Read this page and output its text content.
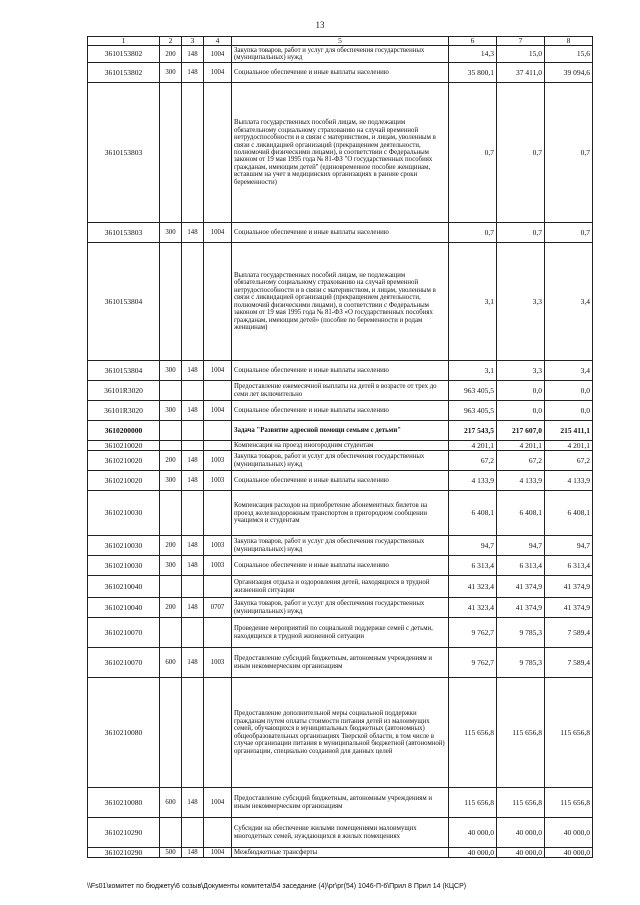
13
1	2	3	4	5	6	7	8
3610153802	200	148	1004	Закупка товаров, работ и услуг для обеспечения государственных (муниципальных) нужд	14,3	15,0	15,6
3610153802	300	148	1004	Социальное обеспечение и иные выплаты населению	35 800,1	37 411,0	39 094,6
3610153803				Выплата государственных пособий лицам, не подлежащим обязательному социальному страхованию на случай временной нетрудоспособности и в связи с материнством, и лицам, уволенным в связи с ликвидацией организаций (прекращением деятельности, полномочий физическими лицами), в соответствии с Федеральным законом от 19 мая 1995 года № 81-ФЗ "О государственных пособиях гражданам, имеющим детей" (единовременное пособие женщинам, вставшим на учет в медицинских организациях в ранние сроки беременности)	0,7	0,7	0,7
3610153803	300	148	1004	Социальное обеспечение и иные выплаты населению	0,7	0,7	0,7
3610153804				Выплата государственных пособий лицам, не подлежащим обязательному социальному страхованию на случай временной нетрудоспособности и в связи с материнством, и лицам, уволенным в связи с ликвидацией организаций (прекращением деятельности, полномочий физическими лицами), в соответствии с Федеральным законом от 19 мая 1995 года № 81-ФЗ «О государственных пособиях гражданам, имеющим детей» (пособие по беременности и родам женщинам)	3,1	3,3	3,4
3610153804	300	148	1004	Социальное обеспечение и иные выплаты населению	3,1	3,3	3,4
36101R3020				Предоставление ежемесячной выплаты на детей в возрасте от трех до семи лет включительно	963 405,5	0,0	0,0
36101R3020	300	148	1004	Социальное обеспечение и иные выплаты населению	963 405,5	0,0	0,0
3610200000				Задача "Развитие адресной помощи семьям с детьми"	217 543,5	217 607,0	215 411,1
3610210020				Компенсация на проезд иногородним студентам	4 201,1	4 201,1	4 201,1
3610210020	200	148	1003	Закупка товаров, работ и услуг для обеспечения государственных (муниципальных) нужд	67,2	67,2	67,2
3610210020	300	148	1003	Социальное обеспечение и иные выплаты населению	4 133,9	4 133,9	4 133,9
3610210030				Компенсация расходов на приобретение абонементных билетов на проезд железнодорожным транспортом в пригородном сообщении учащимся и студентам	6 408,1	6 408,1	6 408,1
3610210030	200	148	1003	Закупка товаров, работ и услуг для обеспечения государственных (муниципальных) нужд	94,7	94,7	94,7
3610210030	300	148	1003	Социальное обеспечение и иные выплаты населению	6 313,4	6 313,4	6 313,4
3610210040				Организация отдыха и оздоровления детей, находящихся в трудной жизненной ситуации	41 323,4	41 374,9	41 374,9
3610210040	200	148	0707	Закупка товаров, работ и услуг для обеспечения государственных (муниципальных) нужд	41 323,4	41 374,9	41 374,9
3610210070				Проведение мероприятий по социальной поддержке семей с детьми, находящихся в трудной жизненной ситуации	9 762,7	9 785,3	7 589,4
3610210070	600	148	1003	Предоставление субсидий бюджетным, автономным учреждениям и иным некоммерческим организациям	9 762,7	9 785,3	7 589,4
3610210080				Предоставление дополнительной меры социальной поддержки гражданам путем оплаты стоимости питания детей из малоимущих семей, обучающихся в муниципальных бюджетных (автономных) общеобразовательных организациях Тверской области, в том числе в случае организации питания в муниципальной бюджетной (автономной) организации, специально созданной для данных целей	115 656,8	115 656,8	115 656,8
3610210080	600	148	1004	Предоставление субсидий бюджетным, автономным учреждениям и иным некоммерческим организациям	115 656,8	115 656,8	115 656,8
3610210290				Субсидии на обеспечение жилыми помещениями малоимущих многодетных семей, нуждающихся в жилых помещениях	40 000,0	40 000,0	40 000,0
3610210290	500	148	1004	Межбюджетные трансферты	40 000,0	40 000,0	40 000,0
\\Fs01\комитет по бюджету\6 созыв\Документы комитета\54 заседание (4)\рг\рг(54) 1046-П-6\Прил 8 Прил 14 (КЦСР)
